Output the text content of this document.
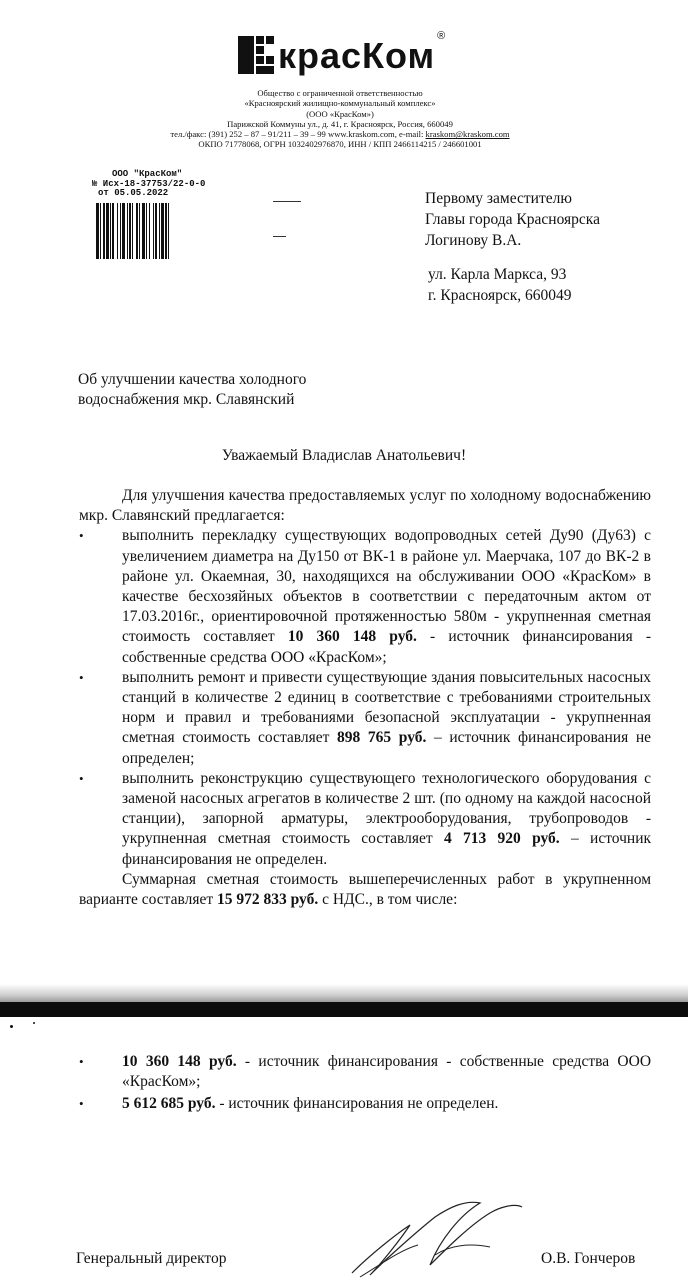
красКом ®
Общество с ограниченной ответственностью
«Красноярский жилищно-коммунальный комплекс»
(ООО «КрасКом»)
Парижской Коммуны ул., д. 41, г. Красноярск, Россия, 660049
тел./факс: (391) 252 – 87 – 91/211 – 39 – 99 www.kraskom.com, e-mail: kraskom@kraskom.com
ОКПО 71778068, ОГРН 1032402976870, ИНН / КПП 2466114215 / 246601001
ООО "КрасКом"
№ Исх-18-37753/22-0-0
от 05.05.2022	Первому заместителю
Главы города Красноярска
Логинову В.А.
ул. Карла Маркса, 93
г. Красноярск, 660049
Об улучшении качества холодного
водоснабжения мкр. Славянский
Уважаемый Владислав Анатольевич!

Для улучшения качества предоставляемых услуг по холодному водоснабжению мкр. Славянский предлагается:

•	выполнить перекладку существующих водопроводных сетей Ду90 (Ду63) с увеличением диаметра на Ду150 от ВК-1 в районе ул. Маерчака, 107 до ВК-2 в районе ул. Окаемная, 30, находящихся на обслуживании ООО «КрасКом» в качестве бесхозяйных объектов в соответствии с передаточным актом от 17.03.2016г., ориентировочной протяженностью 580м - укрупненная сметная стоимость составляет 10 360 148 руб. - источник финансирования - собственные средства ООО «КрасКом»;

•	выполнить ремонт и привести существующие здания повысительных насосных станций в количестве 2 единиц в соответствие с требованиями строительных норм и правил и требованиями безопасной эксплуатации - укрупненная сметная стоимость составляет 898 765 руб. – источник финансирования не определен;

•	выполнить реконструкцию существующего технологического оборудования с заменой насосных агрегатов в количестве 2 шт. (по одному на каждой насосной станции), запорной арматуры, электрооборудования, трубопроводов - укрупненная сметная стоимость составляет 4 713 920 руб. – источник финансирования не определен.

Суммарная сметная стоимость вышеперечисленных работ в укрупненном варианте составляет 15 972 833 руб. с НДС., в том числе:

•	10 360 148 руб. - источник финансирования - собственные средства ООО «КрасКом»;

•	5 612 685 руб. - источник финансирования не определен.

Генеральный директор	О.В. Гончеров
